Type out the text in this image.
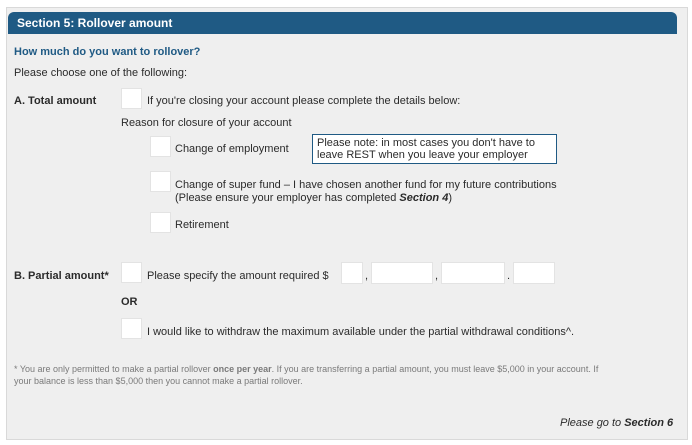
Section 5: Rollover amount
How much do you want to rollover?
Please choose one of the following:
A. Total amount	If you're closing your account please complete the details below:
Reason for closure of your account
Change of employment	Please note: in most cases you don't have to leave REST when you leave your employer
Change of super fund – I have chosen another fund for my future contributions
(Please ensure your employer has completed Section 4)
Retirement
B. Partial amount*	Please specify the amount required $	,	,	.
OR
I would like to withdraw the maximum available under the partial withdrawal conditions^.
* You are only permitted to make a partial rollover once per year. If you are transferring a partial amount, you must leave $5,000 in your account. If your balance is less than $5,000 then you cannot make a partial rollover.
Please go to Section 6
